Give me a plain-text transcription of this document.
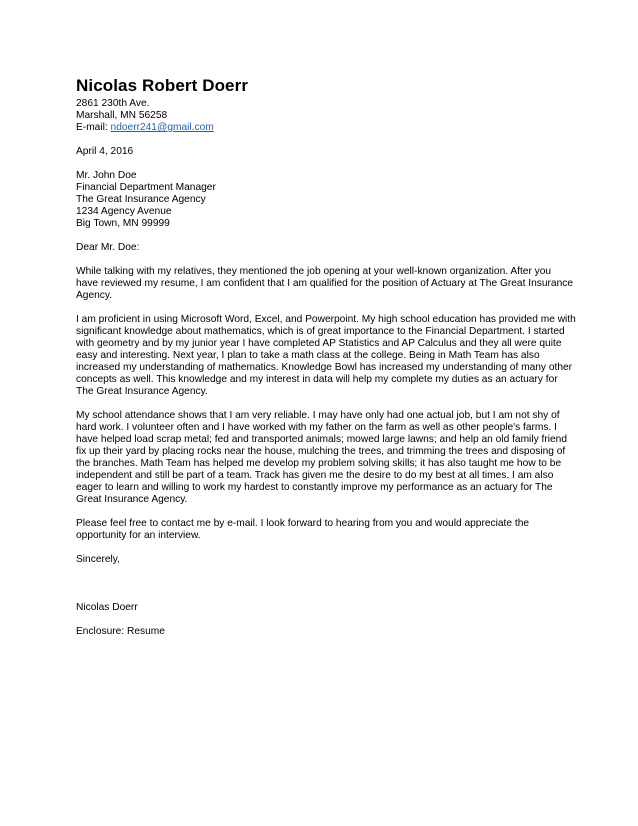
Nicolas Robert Doerr
2861 230th Ave.
Marshall, MN 56258
E-mail: ndoerr241@gmail.com
April 4, 2016
Mr. John Doe
Financial Department Manager
The Great Insurance Agency
1234 Agency Avenue
Big Town, MN 99999
Dear Mr. Doe:

While talking with my relatives, they mentioned the job opening at your well-known organization. After you have reviewed my resume, I am confident that I am qualified for the position of Actuary at The Great Insurance Agency.

I am proficient in using Microsoft Word, Excel, and Powerpoint. My high school education has provided me with significant knowledge about mathematics, which is of great importance to the Financial Department. I started with geometry and by my junior year I have completed AP Statistics and AP Calculus and they all were quite easy and interesting. Next year, I plan to take a math class at the college. Being in Math Team has also increased my understanding of mathematics. Knowledge Bowl has increased my understanding of many other concepts as well. This knowledge and my interest in data will help my complete my duties as an actuary for The Great Insurance Agency.

My school attendance shows that I am very reliable. I may have only had one actual job, but I am not shy of hard work. I volunteer often and I have worked with my father on the farm as well as other people's farms. I have helped load scrap metal; fed and transported animals; mowed large lawns; and help an old family friend fix up their yard by placing rocks near the house, mulching the trees, and trimming the trees and disposing of the branches. Math Team has helped me develop my problem solving skills; it has also taught me how to be independent and still be part of a team. Track has given me the desire to do my best at all times. I am also eager to learn and willing to work my hardest to constantly improve my performance as an actuary for The Great Insurance Agency.

Please feel free to contact me by e-mail. I look forward to hearing from you and would appreciate the opportunity for an interview.

Sincerely,
Nicolas Doerr
Enclosure: Resume
